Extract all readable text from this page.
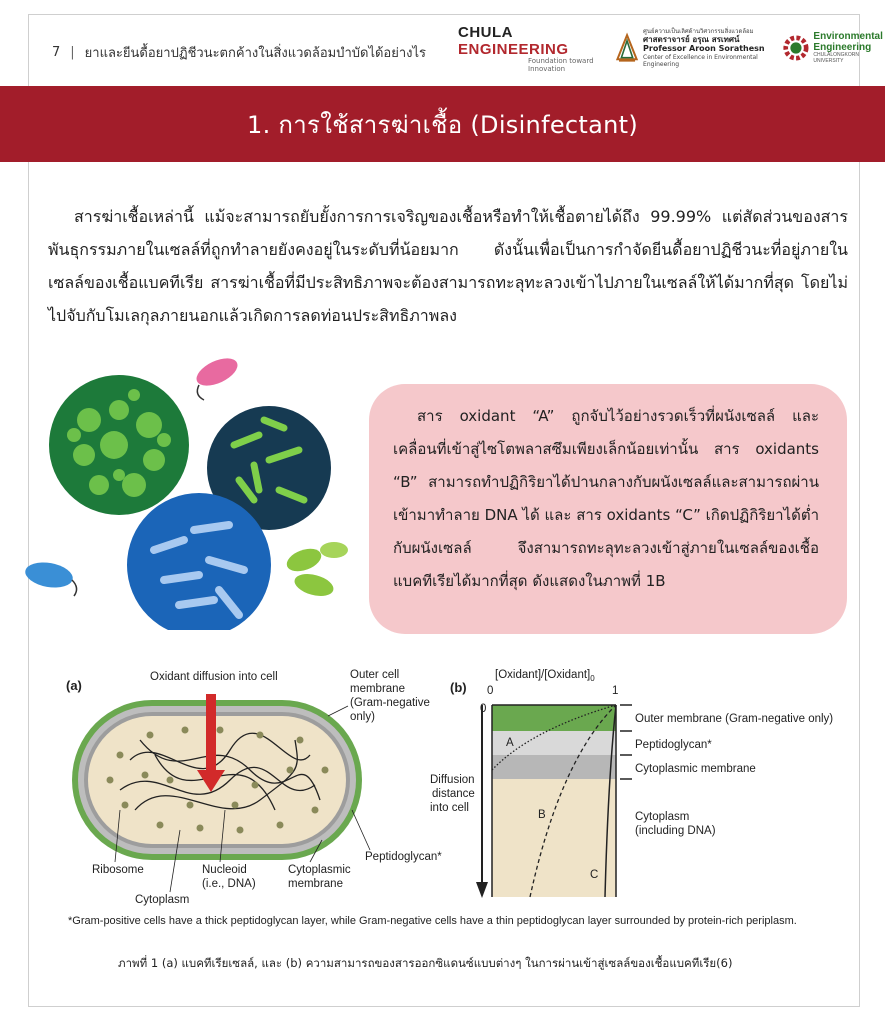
7 | ยาและยีนดื้อยาปฏิชีวนะตกค้างในสิ่งแวดล้อมบำบัดได้อย่างไร
CHULA ENGINEERING
Foundation toward Innovation
ศูนย์ความเป็นเลิศด้านวิศวกรรมสิ่งแวดล้อม
ศาสตราจารย์ อรุณ สรเทศน์
Professor Aroon Sorathesn
Center of Excellence in Environmental Engineering
Environmental
Engineering
CHULALONGKORN UNIVERSITY
1. การใช้สารฆ่าเชื้อ (Disinfectant)

สารฆ่าเชื้อเหล่านี้ แม้จะสามารถยับยั้งการการเจริญของเชื้อหรือทำให้เชื้อตายได้ถึง 99.99% แต่สัดส่วนของสารพันธุกรรมภายในเซลล์ที่ถูกทำลายยังคงอยู่ในระดับที่น้อยมาก ดังนั้นเพื่อเป็นการกำจัดยีนดื้อยาปฏิชีวนะที่อยู่ภายในเซลล์ของเชื้อแบคทีเรีย สารฆ่าเชื้อที่มีประสิทธิภาพจะต้องสามารถทะลุทะลวงเข้าไปภายในเซลล์ให้ได้มากที่สุด โดยไม่ไปจับกับโมเลกุลภายนอกแล้วเกิดการลดท่อนประสิทธิภาพลง

สาร oxidant “A” ถูกจับไว้อย่างรวดเร็วที่ผนังเซลล์ และเคลื่อนที่เข้าสู่ไซโตพลาสซึมเพียงเล็กน้อยเท่านั้น สาร oxidants “B” สามารถทำปฏิกิริยาได้ปานกลางกับผนังเซลล์และสามารถผ่านเข้ามาทำลาย DNA ได้ และ สาร oxidants “C” เกิดปฏิกิริยาได้ต่ำกับผนังเซลล์ จึงสามารถทะลุทะลวงเข้าสู่ภายในเซลล์ของเชื้อแบคทีเรียได้มากที่สุด ดังแสดงในภาพที่ 1B
(a)
Oxidant diffusion into cell	Outer cell
membrane
(Gram-negative
only)
Ribosome
Cytoplasm
Nucleoid
(i.e., DNA)
Cytoplasmic
membrane
Peptidoglycan*
(b)
$[Oxidant]/[Oxidant]_0$
0	1
0
Diffusion
distance
into cell
A
B
C
Outer membrane (Gram-negative only)
Peptidoglycan*
Cytoplasmic membrane
Cytoplasm
(including DNA)
*Gram-positive cells have a thick peptidoglycan layer, while Gram-negative cells have a thin peptidoglycan layer surrounded by protein-rich periplasm.
ภาพที่ 1 (a) แบคทีเรียเซลล์, และ (b) ความสามารถของสารออกซิแดนซ์แบบต่างๆ ในการผ่านเข้าสู่เซลล์ของเชื้อแบคทีเรีย(6)
